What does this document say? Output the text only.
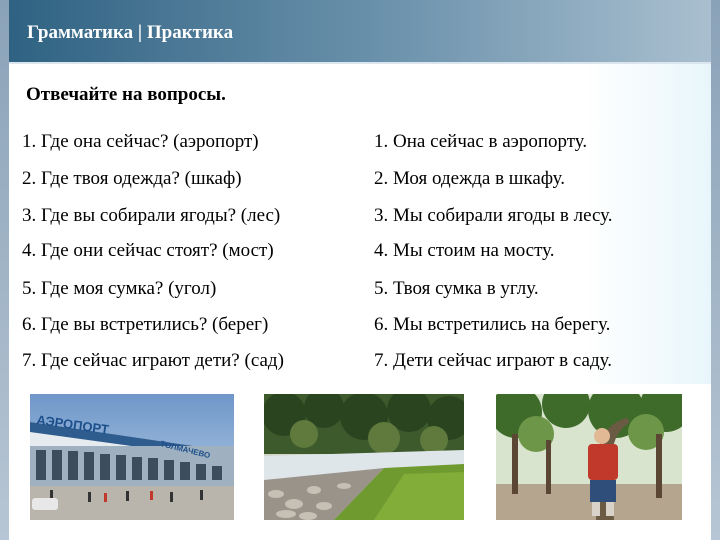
Грамматика | Практика
Отвечайте на вопросы.
1. Где она сейчас? (аэропорт)
2. Где твоя одежда? (шкаф)
3. Где вы собирали ягоды? (лес)
4. Где они сейчас стоят? (мост)
5. Где моя сумка? (угол)
6. Где вы встретились? (берег)
7. Где сейчас играют дети? (сад)
1. Она сейчас в аэропорту.
2. Моя одежда в шкафу.
3. Мы собирали ягоды в лесу.
4. Мы стоим на мосту.
5. Твоя сумка в углу.
6. Мы встретились на берегу.
7. Дети сейчас играют в саду.
АЭРОПОРТ
ТОЛМАЧЕВО
